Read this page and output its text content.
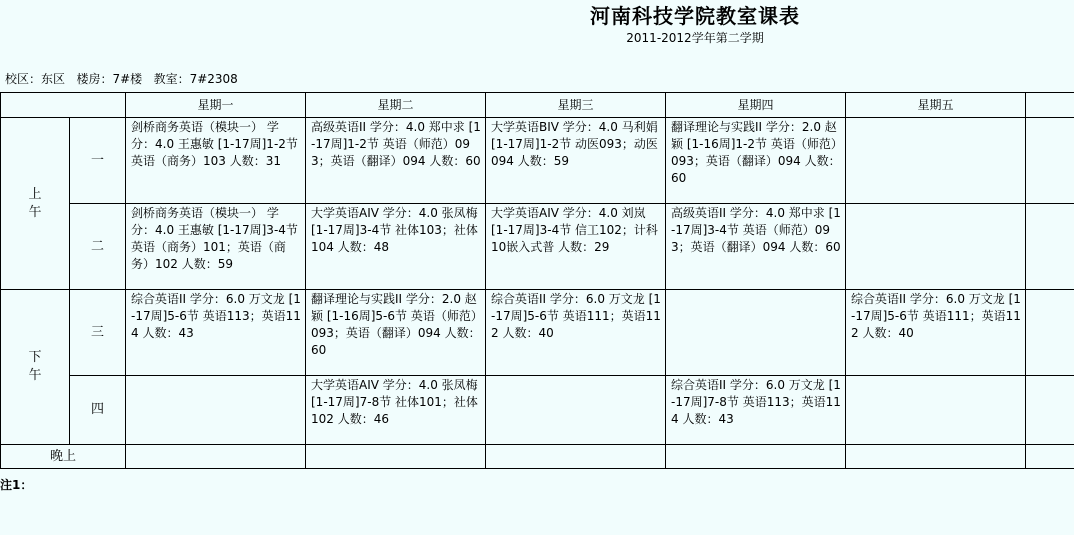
河南科技学院教室课表
2011-2012学年第二学期
校区：东区   楼房：7#楼   教室：7#2308
		星期一	星期二	星期三	星期四	星期五	

上午	一	剑桥商务英语（模块一） 学分：4.0 王惠敏 [1-17周]1-2节 英语（商务）103 人数：31	高级英语II 学分：4.0 郑中求 [1-17周]1-2节 英语（师范）093；英语（翻译）094 人数：60	大学英语BIV 学分：4.0 马利娟 [1-17周]1-2节 动医093；动医094 人数：59	翻译理论与实践II 学分：2.0 赵颖 [1-16周]1-2节 英语（师范）093；英语（翻译）094 人数：60		

	二	剑桥商务英语（模块一） 学分：4.0 王惠敏 [1-17周]3-4节 英语（商务）101；英语（商务）102 人数：59	大学英语AIV 学分：4.0 张凤梅 [1-17周]3-4节 社体103；社体104 人数：48	大学英语AIV 学分：4.0 刘岚 [1-17周]3-4节 信工102；计科10嵌入式普 人数：29	高级英语II 学分：4.0 郑中求 [1-17周]3-4节 英语（师范）093；英语（翻译）094 人数：60		

下午	三	综合英语II 学分：6.0 万文龙 [1-17周]5-6节 英语113；英语114 人数：43	翻译理论与实践II 学分：2.0 赵颖 [1-16周]5-6节 英语（师范）093；英语（翻译）094 人数：60	综合英语II 学分：6.0 万文龙 [1-17周]5-6节 英语111；英语112 人数：40		综合英语II 学分：6.0 万文龙 [1-17周]5-6节 英语111；英语112 人数：40	

	四		大学英语AIV 学分：4.0 张凤梅 [1-17周]7-8节 社体101；社体102 人数：46		综合英语II 学分：6.0 万文龙 [1-17周]7-8节 英语113；英语114 人数：43		

晚上		

注1：
